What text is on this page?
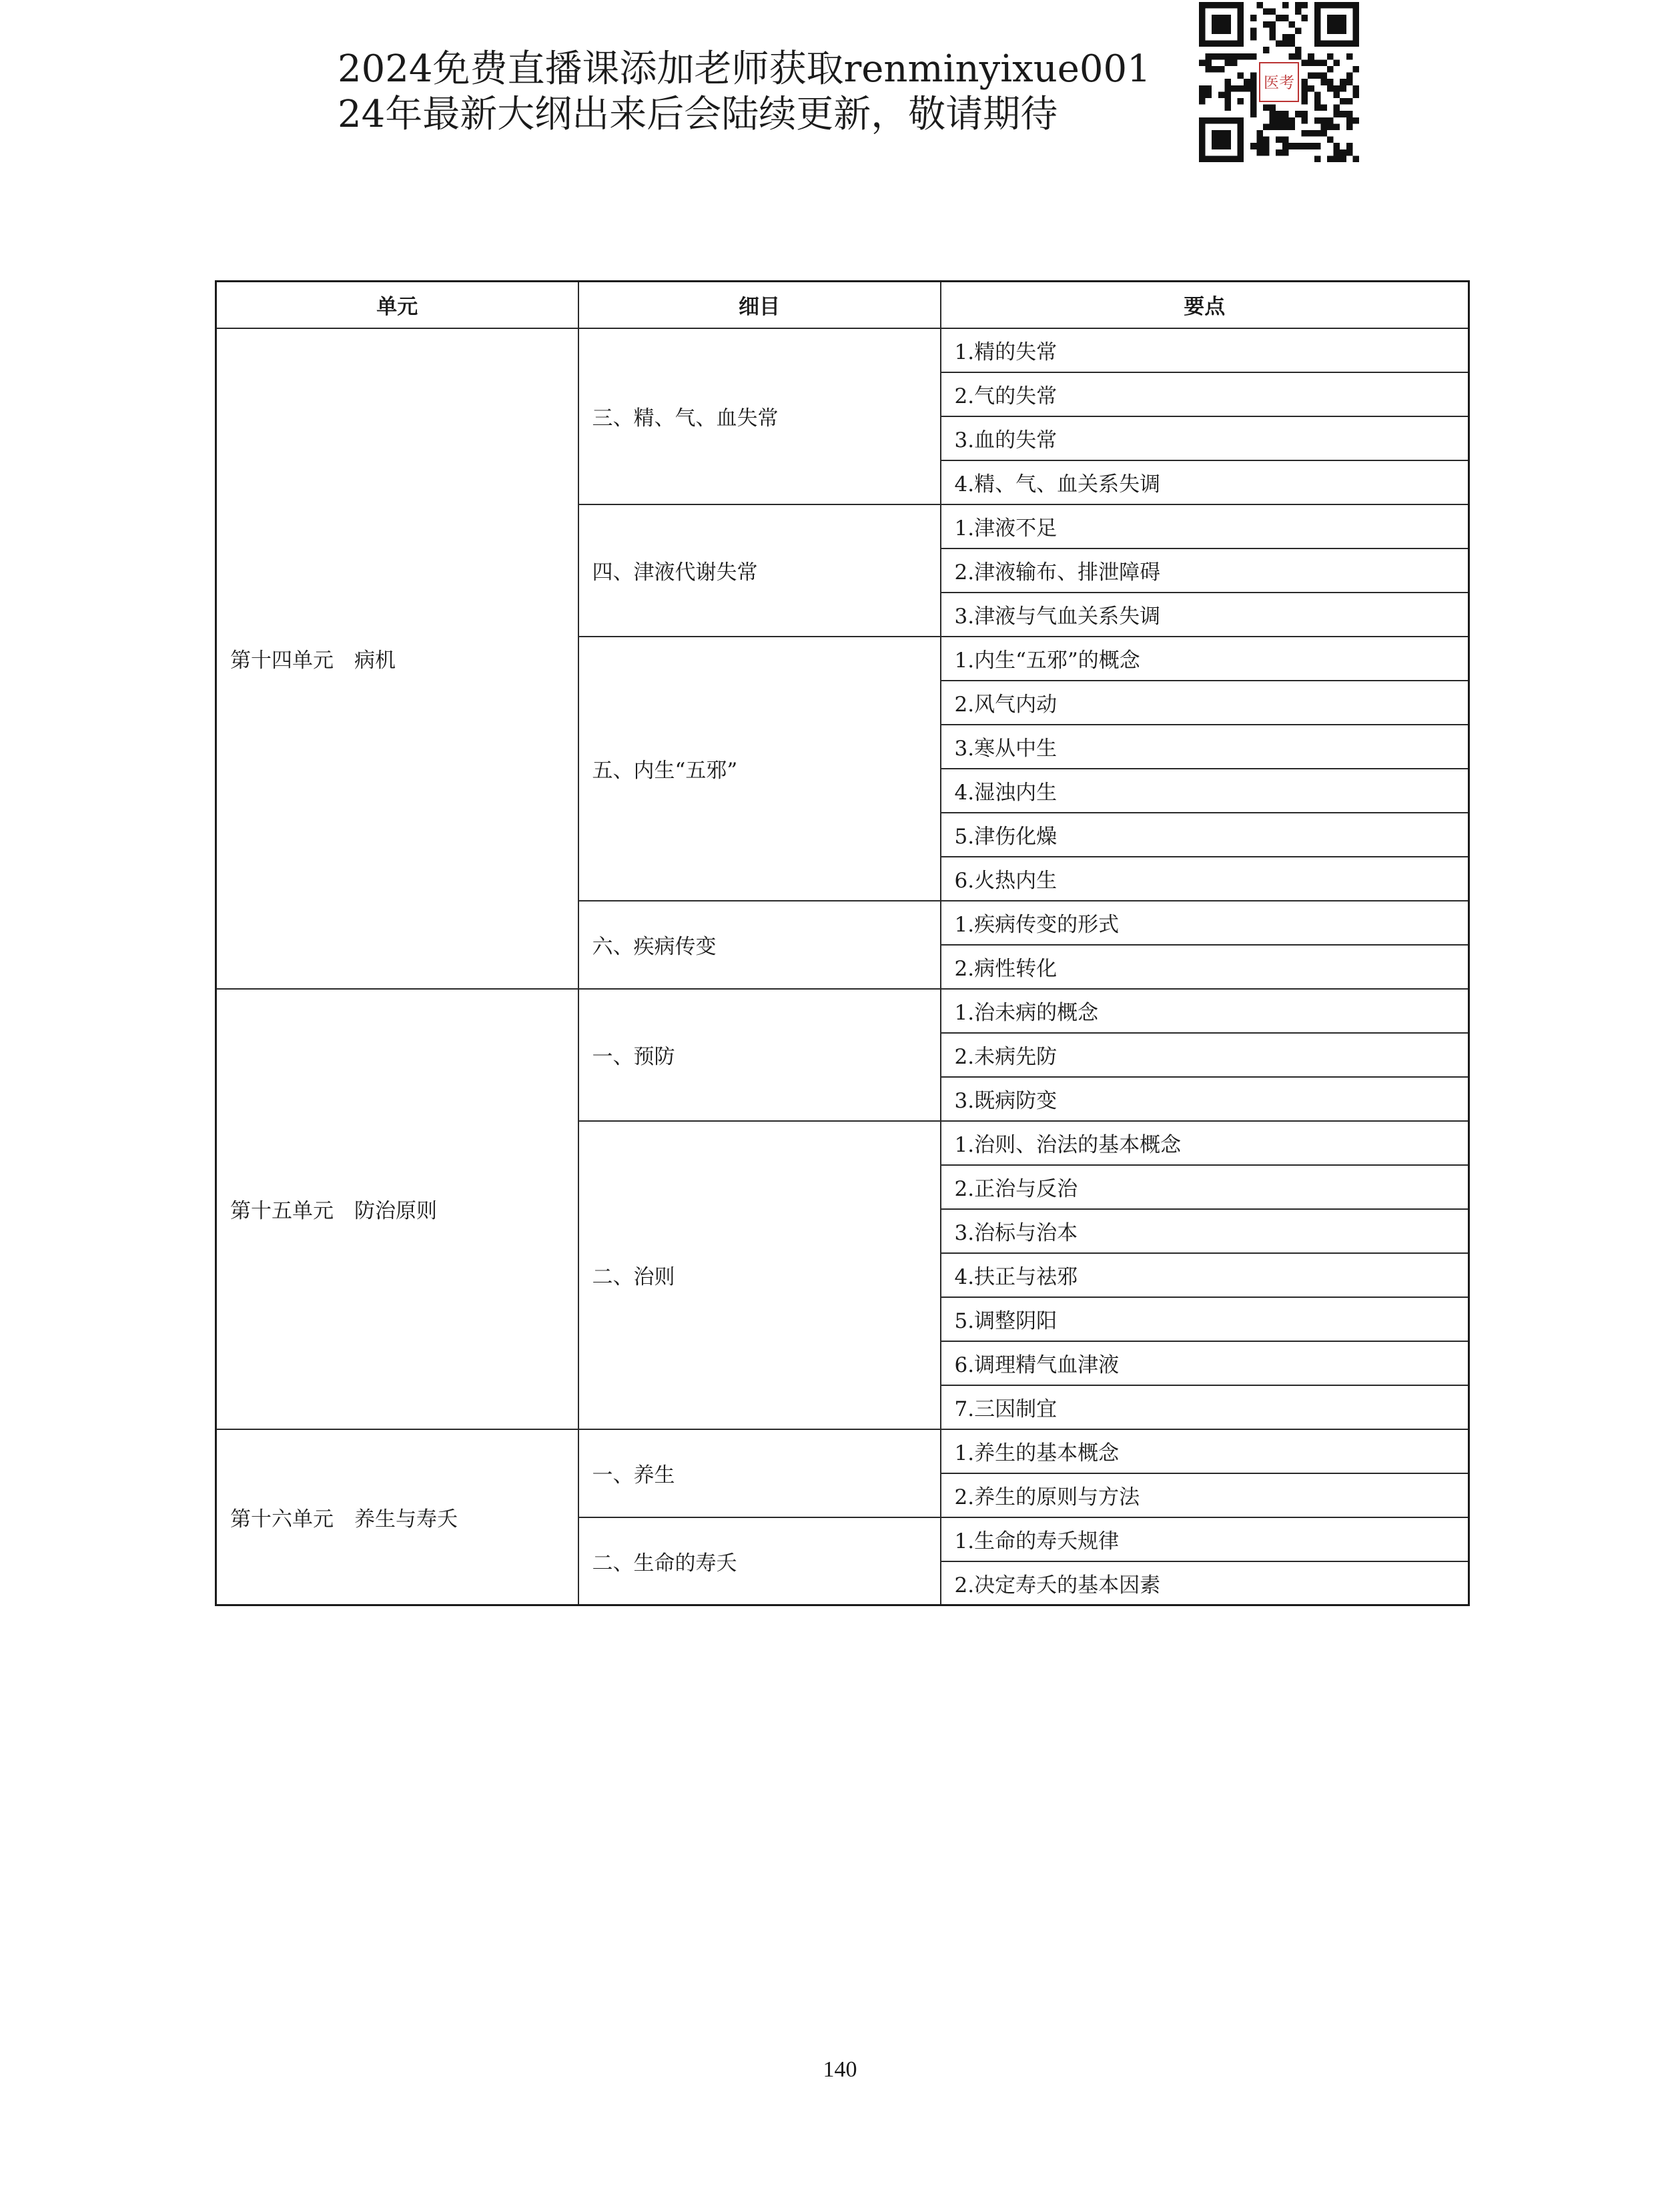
2024免费直播课添加老师获取renminyixue001
24年最新大纲出来后会陆续更新，敬请期待
医考
单元	细目	要点
第十四单元　病机	三、精、气、血失常	1.精的失常
		2.气的失常
		3.血的失常
		4.精、气、血关系失调
	四、津液代谢失常	1.津液不足
		2.津液输布、排泄障碍
		3.津液与气血关系失调
	五、内生“五邪”	1.内生“五邪”的概念
		2.风气内动
		3.寒从中生
		4.湿浊内生
		5.津伤化燥
		6.火热内生
	六、疾病传变	1.疾病传变的形式
		2.病性转化
第十五单元　防治原则	一、预防	1.治未病的概念
		2.未病先防
		3.既病防变
	二、治则	1.治则、治法的基本概念
		2.正治与反治
		3.治标与治本
		4.扶正与祛邪
		5.调整阴阳
		6.调理精气血津液
		7.三因制宜
第十六单元　养生与寿夭	一、养生	1.养生的基本概念
		2.养生的原则与方法
	二、生命的寿夭	1.生命的寿夭规律
		2.决定寿夭的基本因素
140
